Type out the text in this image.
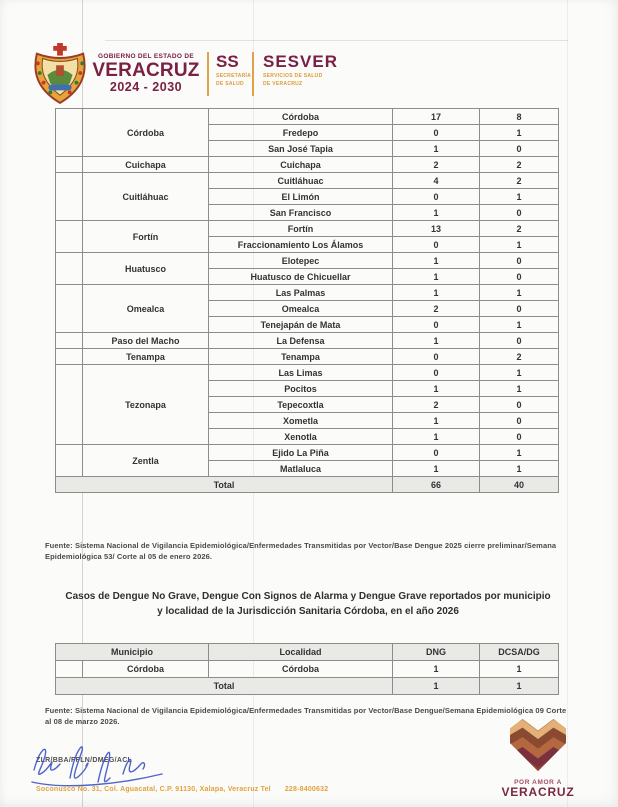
GOBIERNO DEL ESTADO DE
VERACRUZ
2024 - 2030
SS
SECRETARÍA
DE SALUD
SESVER
SERVICIOS DE SALUD
DE VERACRUZ
	Córdoba	Córdoba	17	8
		Fredepo	0	1
		San José Tapia	1	0
	Cuichapa	Cuichapa	2	2
	Cuitláhuac	Cuitláhuac	4	2
		El Limón	0	1
		San Francisco	1	0
	Fortín	Fortín	13	2
		Fraccionamiento Los Álamos	0	1
	Huatusco	Elotepec	1	0
		Huatusco de Chicuellar	1	0
	Omealca	Las Palmas	1	1
		Omealca	2	0
		Tenejapán de Mata	0	1
	Paso del Macho	La Defensa	1	0
	Tenampa	Tenampa	0	2
	Tezonapa	Las Limas	0	1
		Pocitos	1	1
		Tepecoxtla	2	0
		Xometla	1	0
		Xenotla	1	0
	Zentla	Ejido La Piña	0	1
		Matlaluca	1	1
Total			66	40

Fuente: Sistema Nacional de Vigilancia Epidemiológica/Enfermedades Transmitidas por Vector/Base Dengue 2025 cierre preliminar/Semana Epidemiológica 53/ Corte al 05 de enero 2026.

Casos de Dengue No Grave, Dengue Con Signos de Alarma y Dengue Grave reportados por municipio y localidad de la Jurisdicción Sanitaria Córdoba, en el año 2026
Municipio		Localidad	DNG	DCSA/DG
	Córdoba	Córdoba	1	1
Total			1	1

Fuente: Sistema Nacional de Vigilancia Epidemiológica/Enfermedades Transmitidas por Vector/Base Dengue/Semana Epidemiológica 09 Corte al 08 de marzo 2026.

ZLR/BBA/FFLN/DMEG/ACL
Soconusco No. 31, Col. Aguacatal, C.P. 91130, Xalapa, Veracruz Tel 228-8400632
POR AMOR A
VERACRUZ
